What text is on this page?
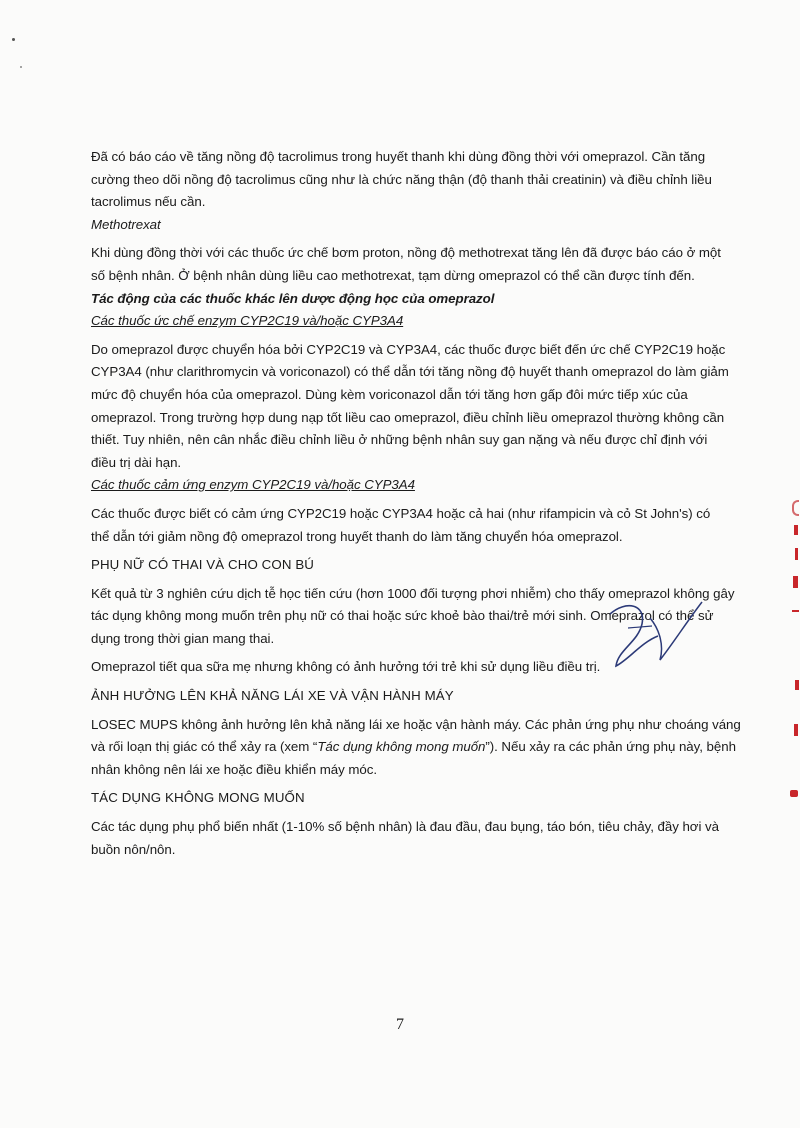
Đã có báo cáo về tăng nồng độ tacrolimus trong huyết thanh khi dùng đồng thời với omeprazol. Cần tăng
cường theo dõi nồng độ tacrolimus cũng như là chức năng thận (độ thanh thải creatinin) và điều chỉnh liều
tacrolimus nếu cần.

Methotrexat

Khi dùng đồng thời với các thuốc ức chế bơm proton, nồng độ methotrexat tăng lên đã được báo cáo ở một
số bệnh nhân. Ở bệnh nhân dùng liều cao methotrexat, tạm dừng omeprazol có thể cần được tính đến.

Tác động của các thuốc khác lên dược động học của omeprazol

Các thuốc ức chế enzym CYP2C19 và/hoặc CYP3A4

Do omeprazol được chuyển hóa bởi CYP2C19 và CYP3A4, các thuốc được biết đến ức chế CYP2C19 hoặc
CYP3A4 (như clarithromycin và voriconazol) có thể dẫn tới tăng nồng độ huyết thanh omeprazol do làm giảm
mức độ chuyển hóa của omeprazol. Dùng kèm voriconazol dẫn tới tăng hơn gấp đôi mức tiếp xúc của
omeprazol. Trong trường hợp dung nạp tốt liều cao omeprazol, điều chỉnh liều omeprazol thường không cần
thiết. Tuy nhiên, nên cân nhắc điều chỉnh liều ở những bệnh nhân suy gan nặng và nếu được chỉ định với
điều trị dài hạn.

Các thuốc cảm ứng enzym CYP2C19 và/hoặc CYP3A4

Các thuốc được biết có cảm ứng CYP2C19 hoặc CYP3A4 hoặc cả hai (như rifampicin và cỏ St John's) có
thể dẫn tới giảm nồng độ omeprazol trong huyết thanh do làm tăng chuyển hóa omeprazol.

PHỤ NỮ CÓ THAI VÀ CHO CON BÚ

Kết quả từ 3 nghiên cứu dịch tễ học tiến cứu (hơn 1000 đối tượng phơi nhiễm) cho thấy omeprazol không gây
tác dụng không mong muốn trên phụ nữ có thai hoặc sức khoẻ bào thai/trẻ mới sinh. Omeprazol có thể sử
dụng trong thời gian mang thai.

Omeprazol tiết qua sữa mẹ nhưng không có ảnh hưởng tới trẻ khi sử dụng liều điều trị.

ẢNH HƯỞNG LÊN KHẢ NĂNG LÁI XE VÀ VẬN HÀNH MÁY

LOSEC MUPS không ảnh hưởng lên khả năng lái xe hoặc vận hành máy. Các phản ứng phụ như choáng váng và rối loạn thị giác có thể xảy ra (xem “Tác dụng không mong muốn”). Nếu xảy ra các phản ứng phụ này, bệnh nhân không nên lái xe hoặc điều khiển máy móc.

TÁC DỤNG KHÔNG MONG MUỐN

Các tác dụng phụ phổ biến nhất (1-10% số bệnh nhân) là đau đầu, đau bụng, táo bón, tiêu chảy, đầy hơi và
buồn nôn/nôn.

7
